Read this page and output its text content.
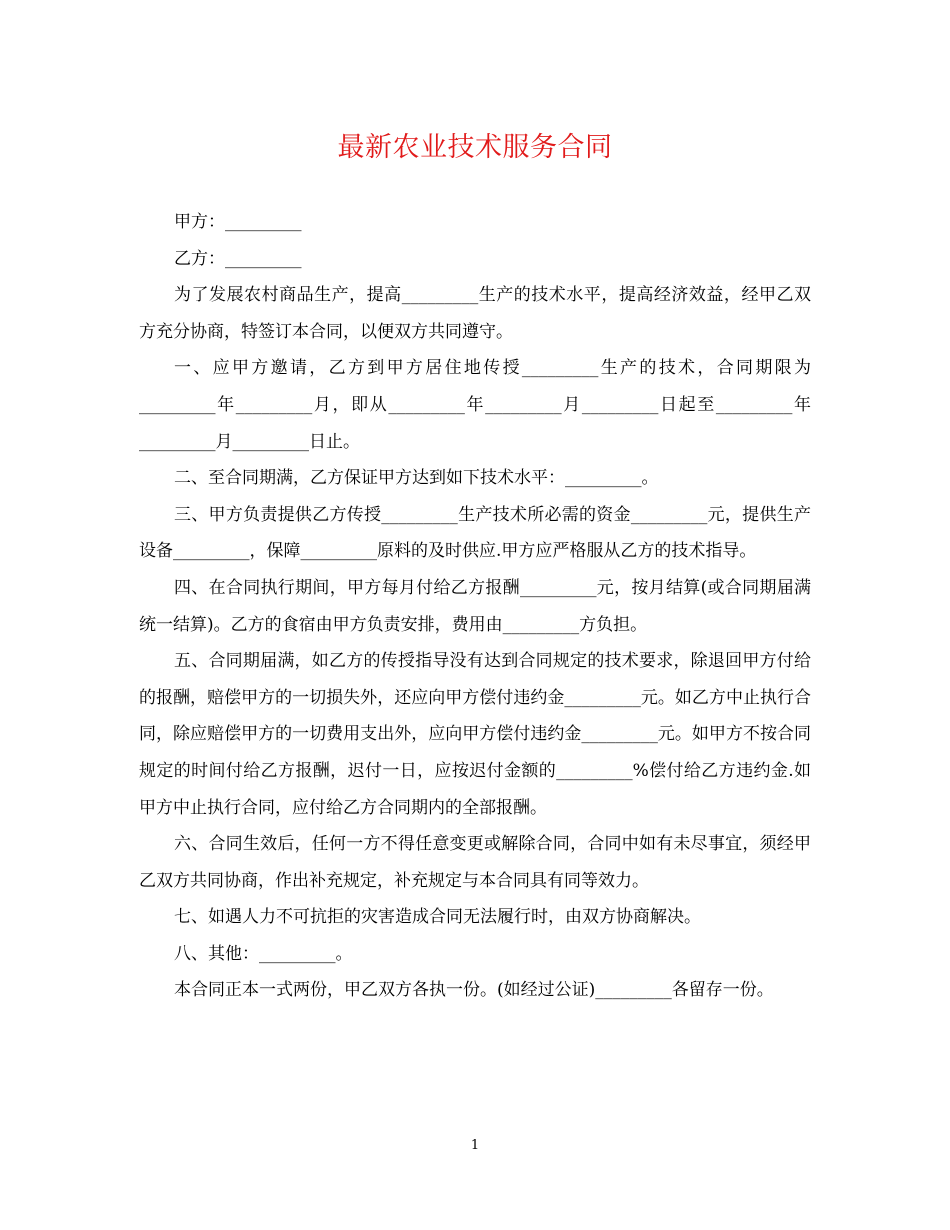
最新农业技术服务合同

甲方：_________

乙方：_________

为了发展农村商品生产，提高_________生产的技术水平，提高经济效益，经甲乙双方充分协商，特签订本合同，以便双方共同遵守。

一、应甲方邀请，乙方到甲方居住地传授_________生产的技术，合同期限为_________年_________月，即从_________年_________月_________日起至_________年_________月_________日止。

二、至合同期满，乙方保证甲方达到如下技术水平：_________。

三、甲方负责提供乙方传授_________生产技术所必需的资金_________元，提供生产设备_________，保障_________原料的及时供应.甲方应严格服从乙方的技术指导。

四、在合同执行期间，甲方每月付给乙方报酬_________元，按月结算(或合同期届满统一结算)。乙方的食宿由甲方负责安排，费用由_________方负担。

五、合同期届满，如乙方的传授指导没有达到合同规定的技术要求，除退回甲方付给的报酬，赔偿甲方的一切损失外，还应向甲方偿付违约金_________元。如乙方中止执行合同，除应赔偿甲方的一切费用支出外，应向甲方偿付违约金_________元。如甲方不按合同规定的时间付给乙方报酬，迟付一日，应按迟付金额的_________%偿付给乙方违约金.如甲方中止执行合同，应付给乙方合同期内的全部报酬。

六、合同生效后，任何一方不得任意变更或解除合同，合同中如有未尽事宜，须经甲乙双方共同协商，作出补充规定，补充规定与本合同具有同等效力。

七、如遇人力不可抗拒的灾害造成合同无法履行时，由双方协商解决。

八、其他：_________。

本合同正本一式两份，甲乙双方各执一份。(如经过公证)_________各留存一份。

1
